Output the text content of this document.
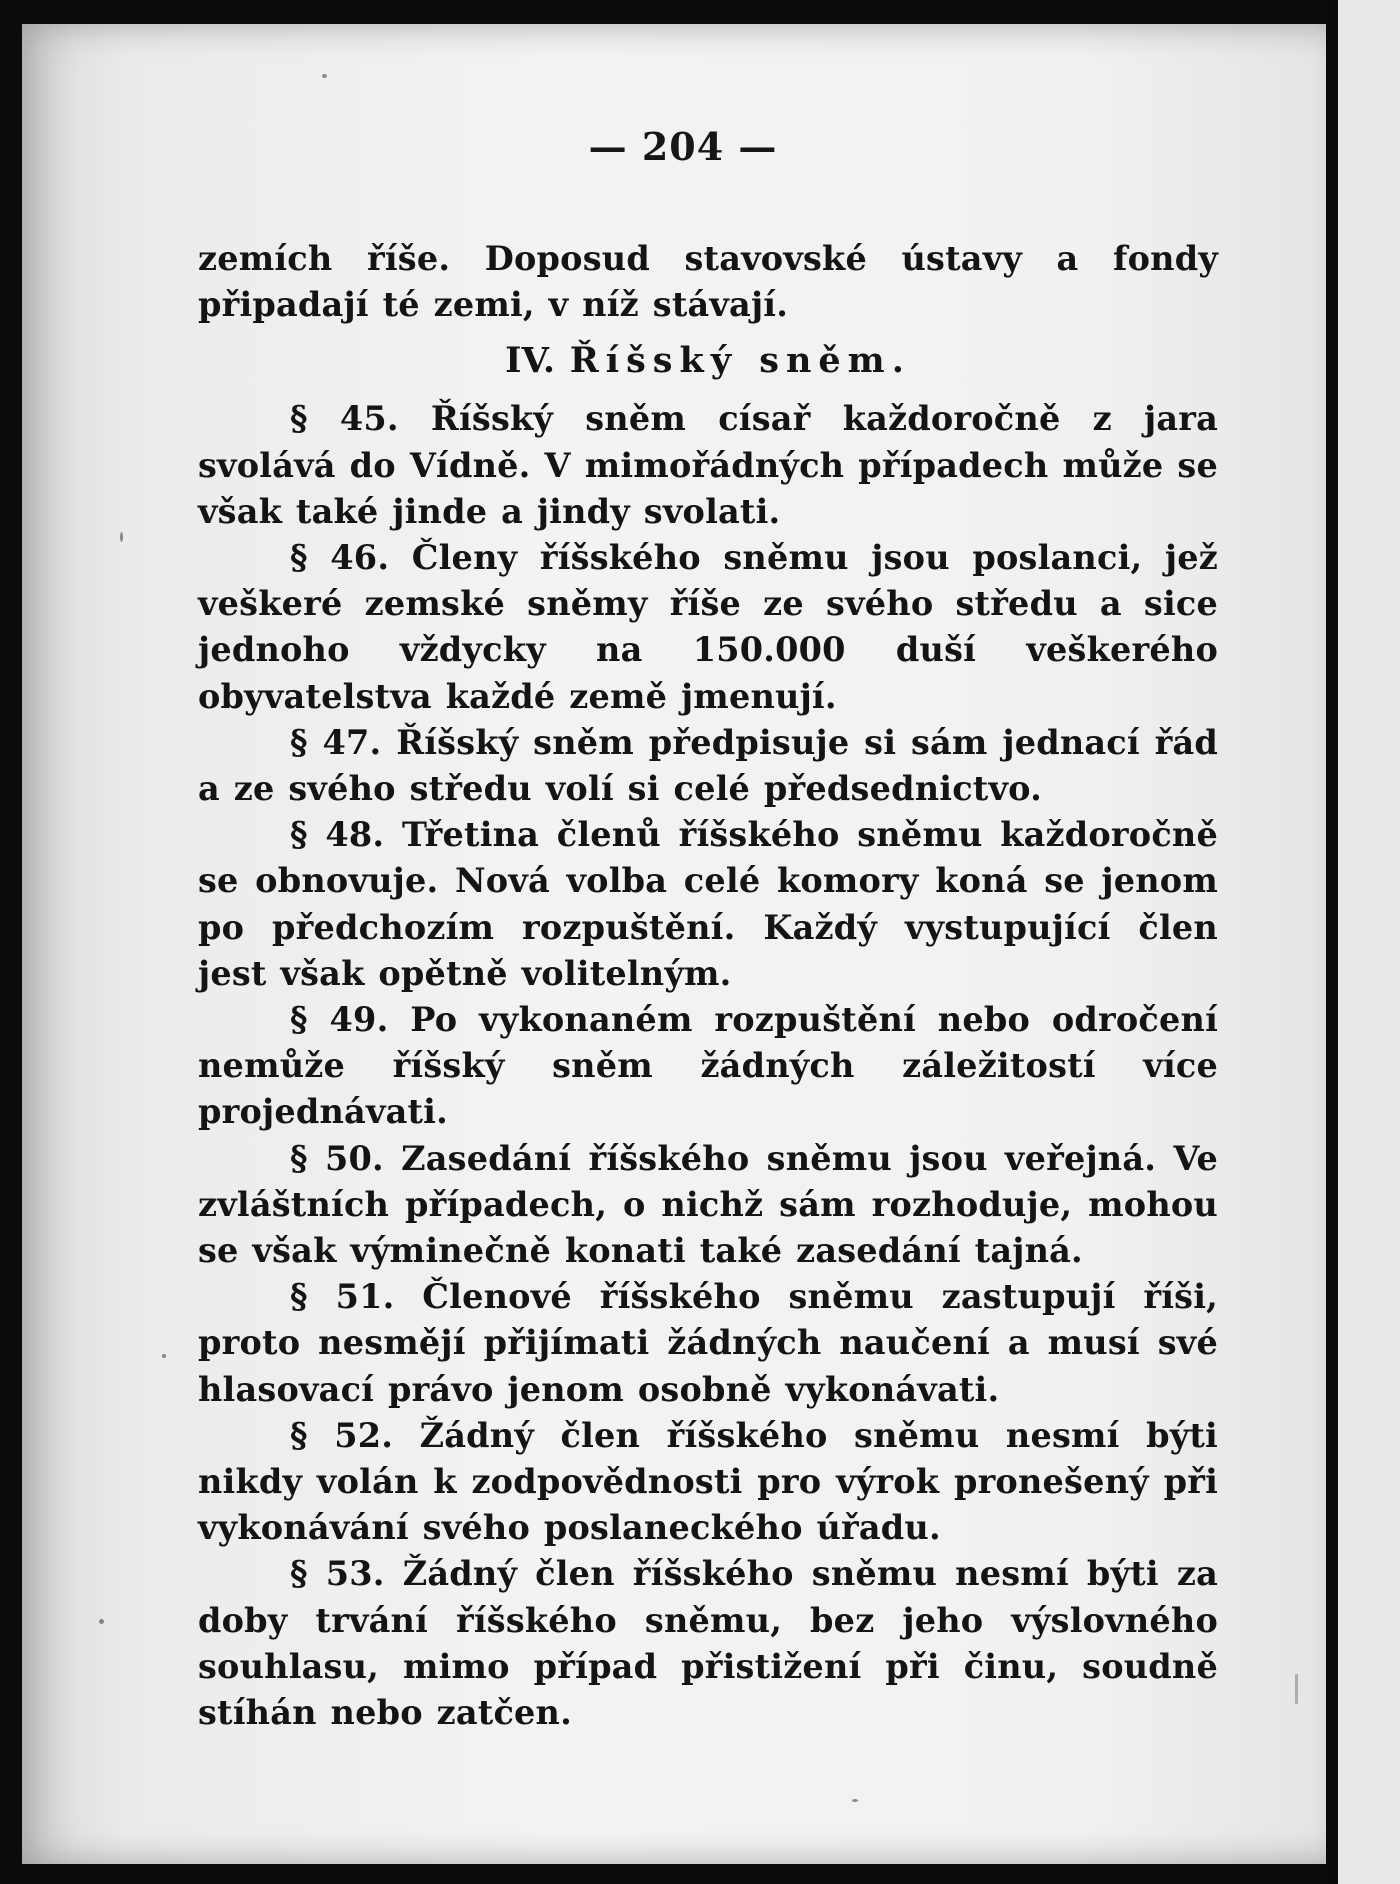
— 204 —

zemích říše. Doposud stavovské ústavy a fondy připadají té zemi, v níž stávají.

IV. Říšský sněm.

§ 45. Říšský sněm císař každoročně z jara svolává do Vídně. V mimořádných případech může se však také jinde a jindy svolati.

§ 46. Členy říšského sněmu jsou poslanci, jež veškeré zemské sněmy říše ze svého středu a sice jednoho vždycky na 150.000 duší veškerého obyvatelstva každé země jmenují.

§ 47. Říšský sněm předpisuje si sám jednací řád a ze svého středu volí si celé předsednictvo.

§ 48. Třetina členů říšského sněmu každoročně se obnovuje. Nová volba celé komory koná se jenom po předchozím rozpuštění. Každý vystupující člen jest však opětně volitelným.

§ 49. Po vykonaném rozpuštění nebo odročení nemůže říšský sněm žádných záležitostí více projednávati.

§ 50. Zasedání říšského sněmu jsou veřejná. Ve zvláštních případech, o nichž sám rozhoduje, mohou se však výminečně konati také zasedání tajná.

§ 51. Členové říšského sněmu zastupují říši, proto nesmějí přijímati žádných naučení a musí své hlasovací právo jenom osobně vykonávati.

§ 52. Žádný člen říšského sněmu nesmí býti nikdy volán k zodpovědnosti pro výrok pronešený při vykonávání svého poslaneckého úřadu.

§ 53. Žádný člen říšského sněmu nesmí býti za doby trvání říšského sněmu, bez jeho výslovného souhlasu, mimo případ přistižení při činu, soudně stíhán nebo zatčen.
